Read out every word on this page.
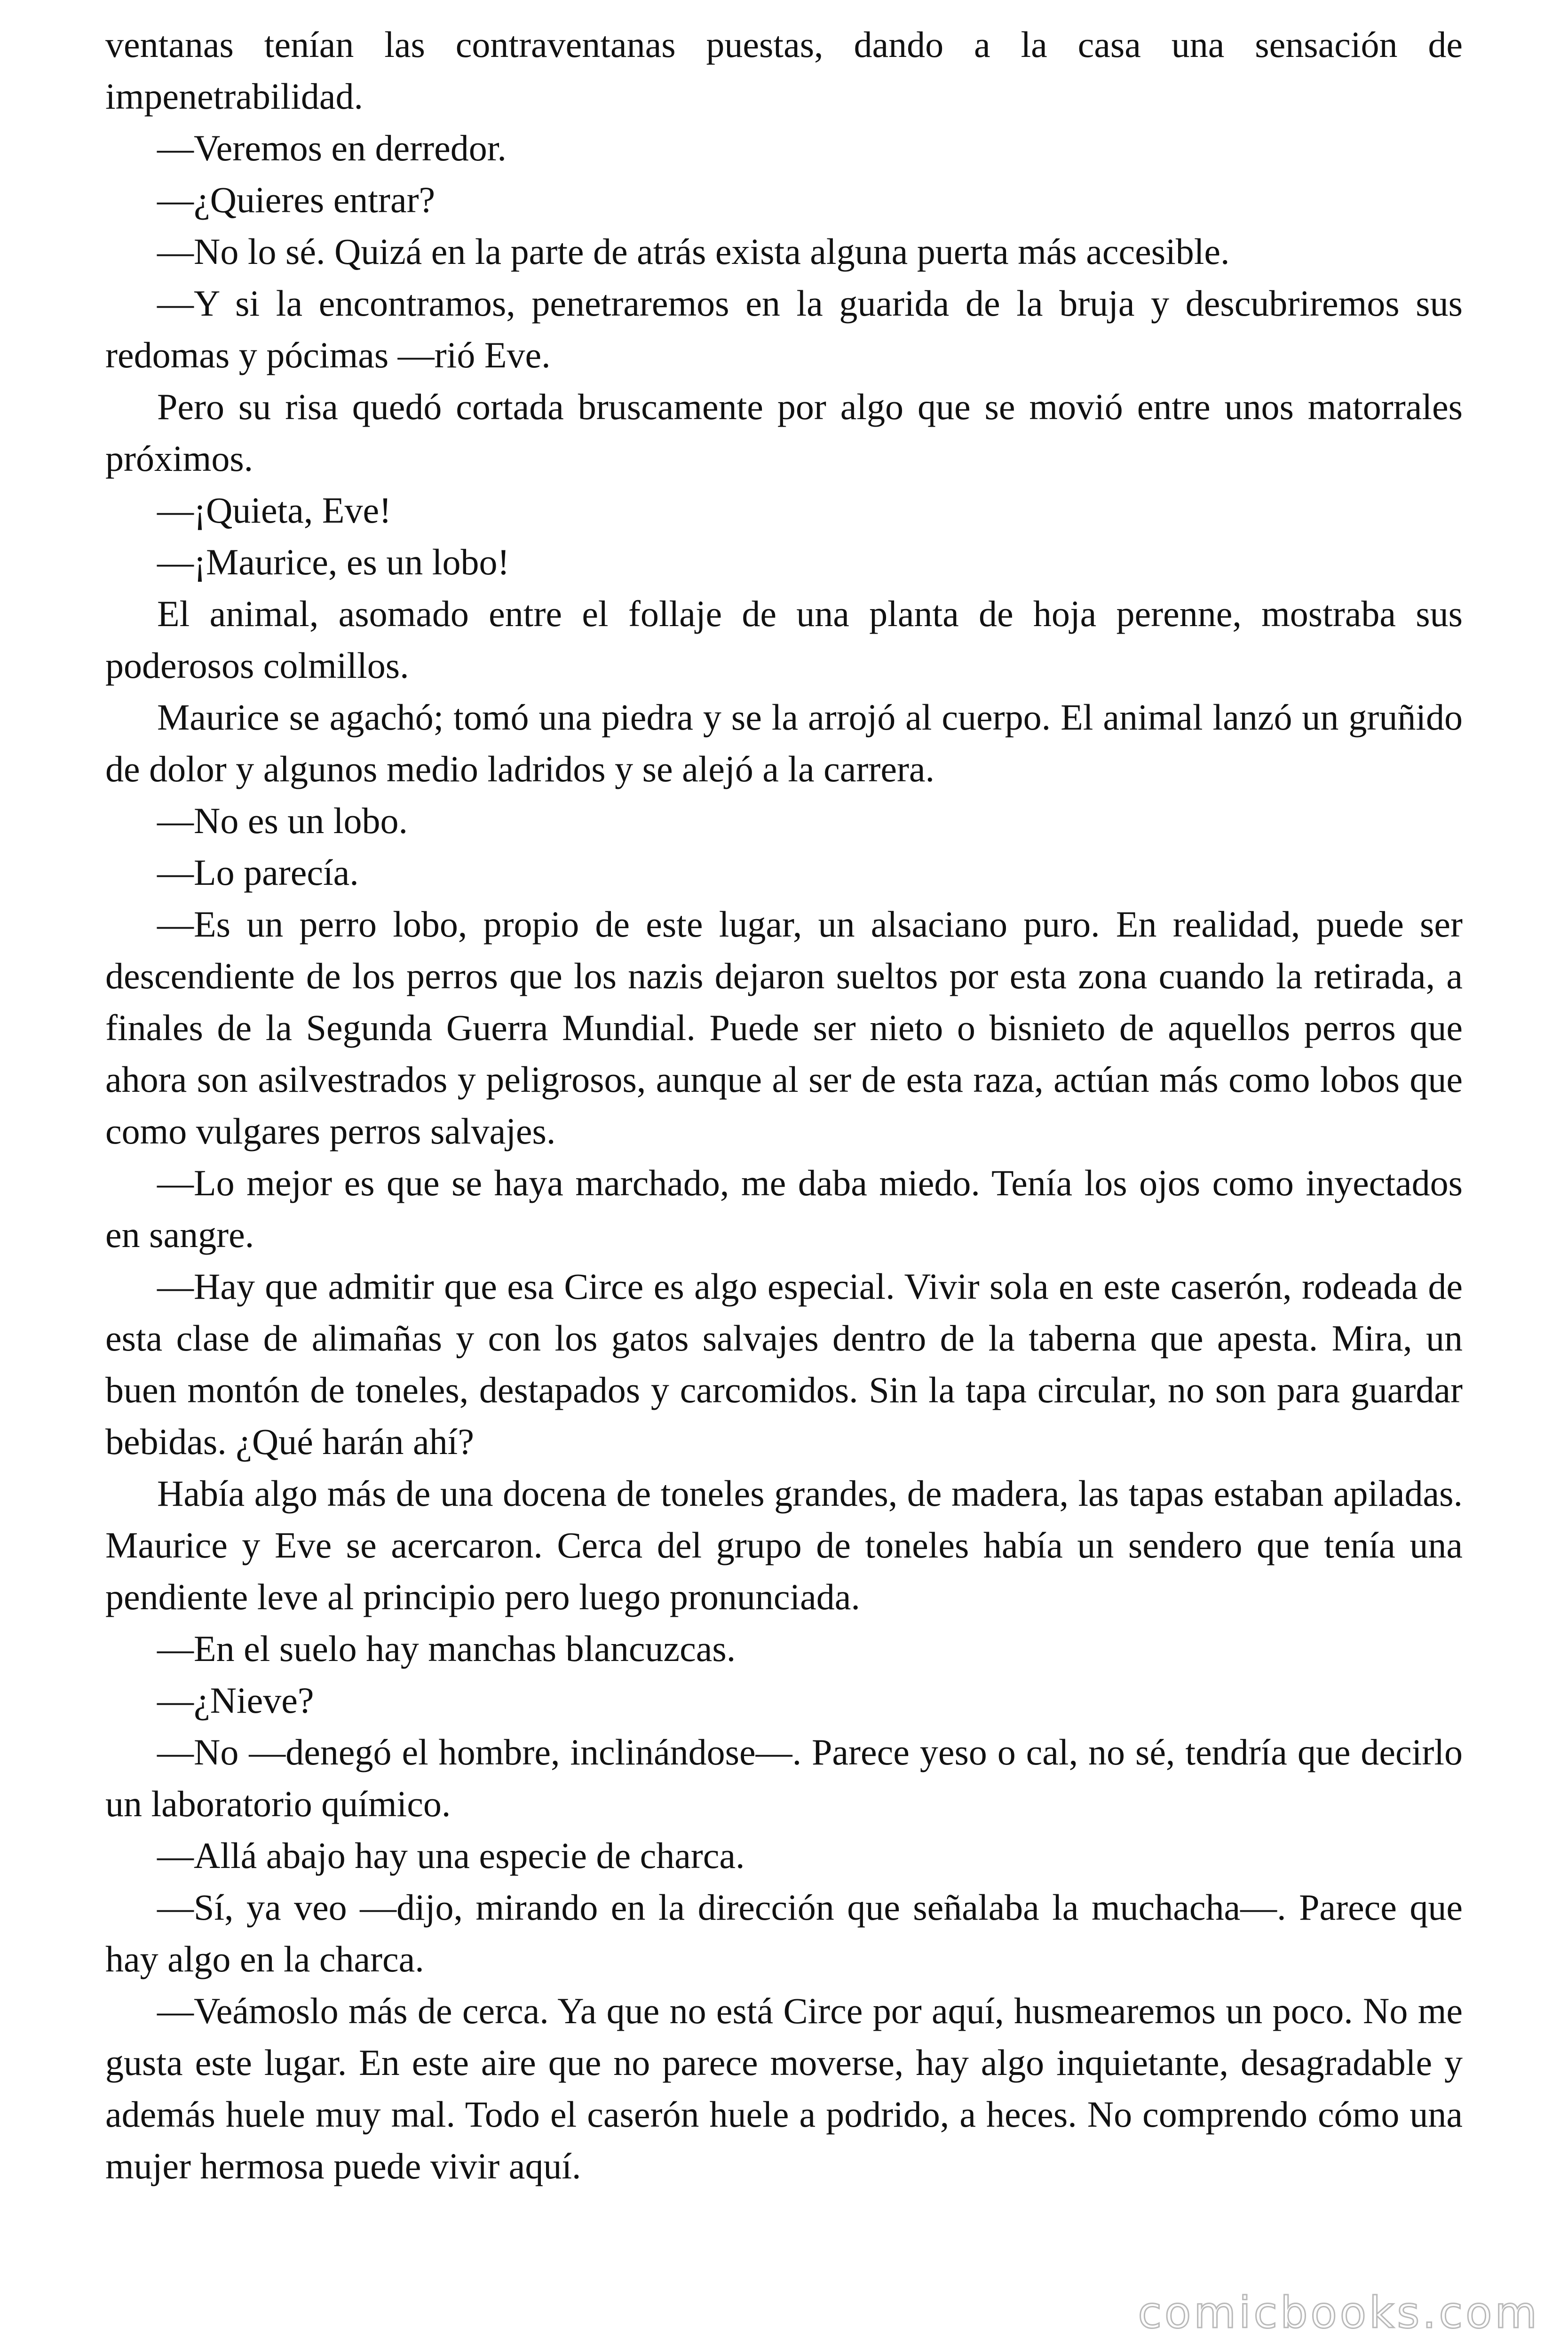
ventanas tenían las contraventanas puestas, dando a la casa una sensación de impenetrabilidad.

—Veremos en derredor.

—¿Quieres entrar?

—No lo sé. Quizá en la parte de atrás exista alguna puerta más accesible.

—Y si la encontramos, penetraremos en la guarida de la bruja y descubriremos sus redomas y pócimas —rió Eve.

Pero su risa quedó cortada bruscamente por algo que se movió entre unos matorrales próximos.

—¡Quieta, Eve!

—¡Maurice, es un lobo!

El animal, asomado entre el follaje de una planta de hoja perenne, mostraba sus poderosos colmillos.

Maurice se agachó; tomó una piedra y se la arrojó al cuerpo. El animal lanzó un gruñido de dolor y algunos medio ladridos y se alejó a la carrera.

—No es un lobo.

—Lo parecía.

—Es un perro lobo, propio de este lugar, un alsaciano puro. En realidad, puede ser descendiente de los perros que los nazis dejaron sueltos por esta zona cuando la retirada, a finales de la Segunda Guerra Mundial. Puede ser nieto o bisnieto de aquellos perros que ahora son asilvestrados y peligrosos, aunque al ser de esta raza, actúan más como lobos que como vulgares perros salvajes.

—Lo mejor es que se haya marchado, me daba miedo. Tenía los ojos como inyectados en sangre.

—Hay que admitir que esa Circe es algo especial. Vivir sola en este caserón, rodeada de esta clase de alimañas y con los gatos salvajes dentro de la taberna que apesta. Mira, un buen montón de toneles, destapados y carcomidos. Sin la tapa circular, no son para guardar bebidas. ¿Qué harán ahí?

Había algo más de una docena de toneles grandes, de madera, las tapas estaban apiladas. Maurice y Eve se acercaron. Cerca del grupo de toneles había un sendero que tenía una pendiente leve al principio pero luego pronunciada.

—En el suelo hay manchas blancuzcas.

—¿Nieve?

—No —denegó el hombre, inclinándose—. Parece yeso o cal, no sé, tendría que decirlo un laboratorio químico.

—Allá abajo hay una especie de charca.

—Sí, ya veo —dijo, mirando en la dirección que señalaba la muchacha—. Parece que hay algo en la charca.

—Veámoslo más de cerca. Ya que no está Circe por aquí, husmearemos un poco. No me gusta este lugar. En este aire que no parece moverse, hay algo inquietante, desagradable y además huele muy mal. Todo el caserón huele a podrido, a heces. No comprendo cómo una mujer hermosa puede vivir aquí.

comicbooks.com
